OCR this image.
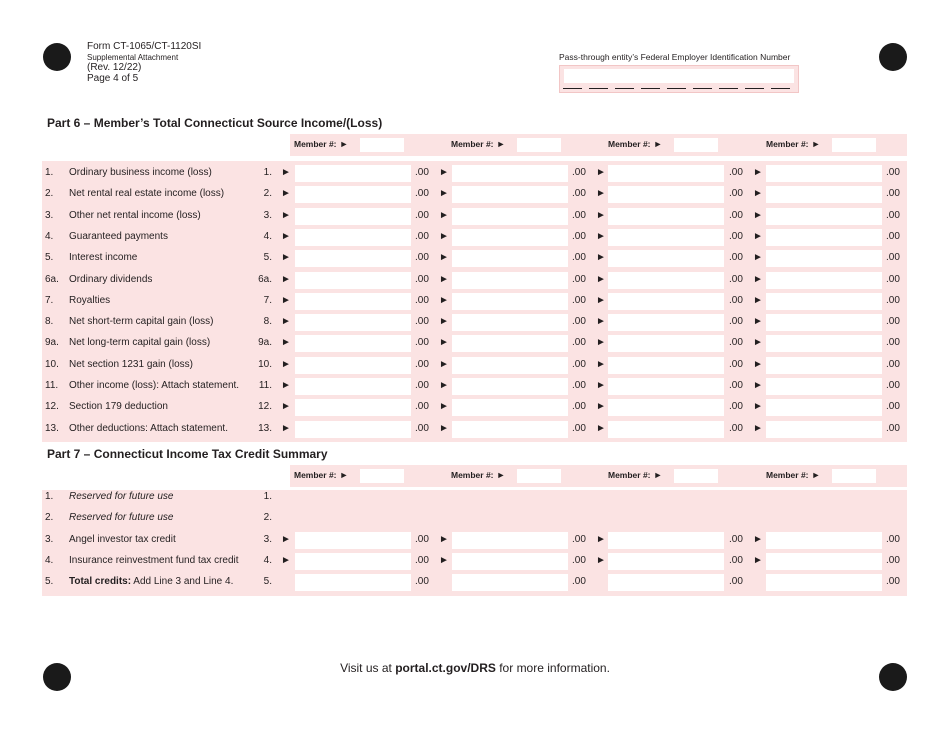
Form CT-1065/CT-1120SI
Supplemental Attachment
(Rev. 12/22)
Page 4 of 5
Pass-through entity’s Federal Employer Identification Number
Part 6 – Member’s Total Connecticut Source Income/(Loss)
Member #: ►	Member #: ►	Member #: ►	Member #: ►
1. Ordinary business income (loss)	1. ►	.00 ►	.00 ►	.00 ►	.00
2. Net rental real estate income (loss)	2. ►	.00 ►	.00 ►	.00 ►	.00
3. Other net rental income (loss)	3. ►	.00 ►	.00 ►	.00 ►	.00
4. Guaranteed payments	4. ►	.00 ►	.00 ►	.00 ►	.00
5. Interest income	5. ►	.00 ►	.00 ►	.00 ►	.00
6a. Ordinary dividends	6a. ►	.00 ►	.00 ►	.00 ►	.00
7. Royalties	7. ►	.00 ►	.00 ►	.00 ►	.00
8. Net short-term capital gain (loss)	8. ►	.00 ►	.00 ►	.00 ►	.00
9a. Net long-term capital gain (loss)	9a. ►	.00 ►	.00 ►	.00 ►	.00
10. Net section 1231 gain (loss)	10. ►	.00 ►	.00 ►	.00 ►	.00
11. Other income (loss): Attach statement. 11. ►	.00 ►	.00 ►	.00 ►	.00
12. Section 179 deduction	12. ►	.00 ►	.00 ►	.00 ►	.00
13. Other deductions: Attach statement.	13. ►	.00 ►	.00 ►	.00 ►	.00
Part 7 – Connecticut Income Tax Credit Summary
Member #: ►	Member #: ►	Member #: ►	Member #: ►
1. Reserved for future use	1.
2. Reserved for future use	2.
3. Angel investor tax credit	3. ►	.00 ►	.00 ►	.00 ►	.00
4. Insurance reinvestment fund tax credit	4. ►	.00 ►	.00 ►	.00 ►	.00
5. Total credits: Add Line 3 and Line 4.	5.	.00	.00	.00	.00
Visit us at portal.ct.gov/DRS for more information.
